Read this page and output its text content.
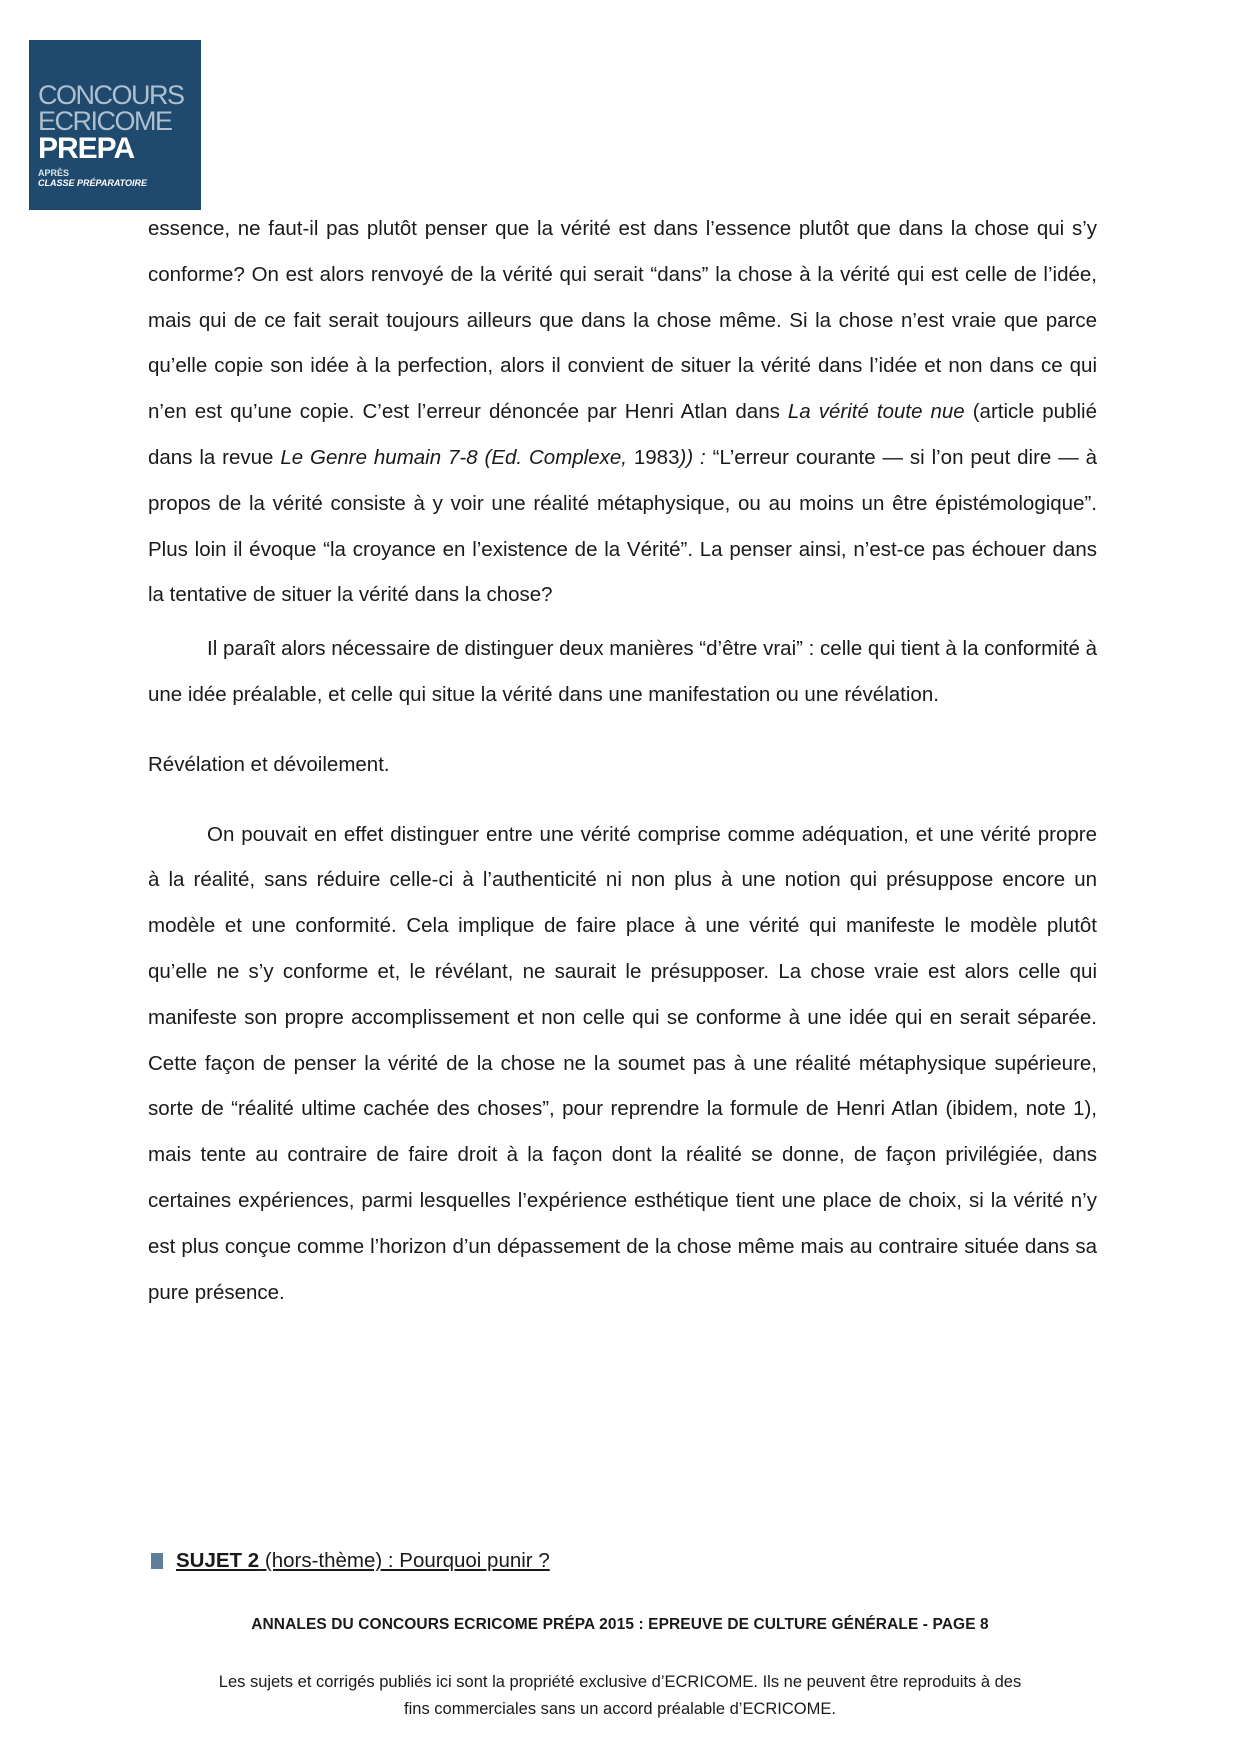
CONCOURS
ECRICOME
PREPA
APRÈS
CLASSE PRÉPARATOIRE

essence, ne faut-il pas plutôt penser que la vérité est dans l’essence plutôt que dans la chose qui s’y conforme? On est alors renvoyé de la vérité qui serait “dans” la chose à la vérité qui est celle de l’idée, mais qui de ce fait serait toujours ailleurs que dans la chose même. Si la chose n’est vraie que parce qu’elle copie son idée à la perfection, alors il convient de situer la vérité dans l’idée et non dans ce qui n’en est qu’une copie. C’est l’erreur dénoncée par Henri Atlan dans La vérité toute nue (article publié dans la revue Le Genre humain 7-8 (Ed. Complexe, 1983)) : “L’erreur courante — si l’on peut dire — à propos de la vérité consiste à y voir une réalité métaphysique, ou au moins un être épistémologique”. Plus loin il évoque “la croyance en l’existence de la Vérité”. La penser ainsi, n’est-ce pas échouer dans la tentative de situer la vérité dans la chose?

Il paraît alors nécessaire de distinguer deux manières “d’être vrai” : celle qui tient à la conformité à une idée préalable, et celle qui situe la vérité dans une manifestation ou une révélation.

Révélation et dévoilement.

On pouvait en effet distinguer entre une vérité comprise comme adéquation, et une vérité propre à la réalité, sans réduire celle-ci à l’authenticité ni non plus à une notion qui présuppose encore un modèle et une conformité. Cela implique de faire place à une vérité qui manifeste le modèle plutôt qu’elle ne s’y conforme et, le révélant, ne saurait le présupposer. La chose vraie est alors celle qui manifeste son propre accomplissement et non celle qui se conforme à une idée qui en serait séparée. Cette façon de penser la vérité de la chose ne la soumet pas à une réalité métaphysique supérieure, sorte de “réalité ultime cachée des choses”, pour reprendre la formule de Henri Atlan (ibidem, note 1), mais tente au contraire de faire droit à la façon dont la réalité se donne, de façon privilégiée, dans certaines expériences, parmi lesquelles l’expérience esthétique tient une place de choix, si la vérité n’y est plus conçue comme l’horizon d’un dépassement de la chose même mais au contraire située dans sa pure présence.

SUJET 2 (hors-thème) : Pourquoi punir ?
ANNALES DU CONCOURS ECRICOME PRÉPA 2015 : EPREUVE DE CULTURE GÉNÉRALE - PAGE 8
Les sujets et corrigés publiés ici sont la propriété exclusive d’ECRICOME. Ils ne peuvent être reproduits à des
fins commerciales sans un accord préalable d’ECRICOME.
